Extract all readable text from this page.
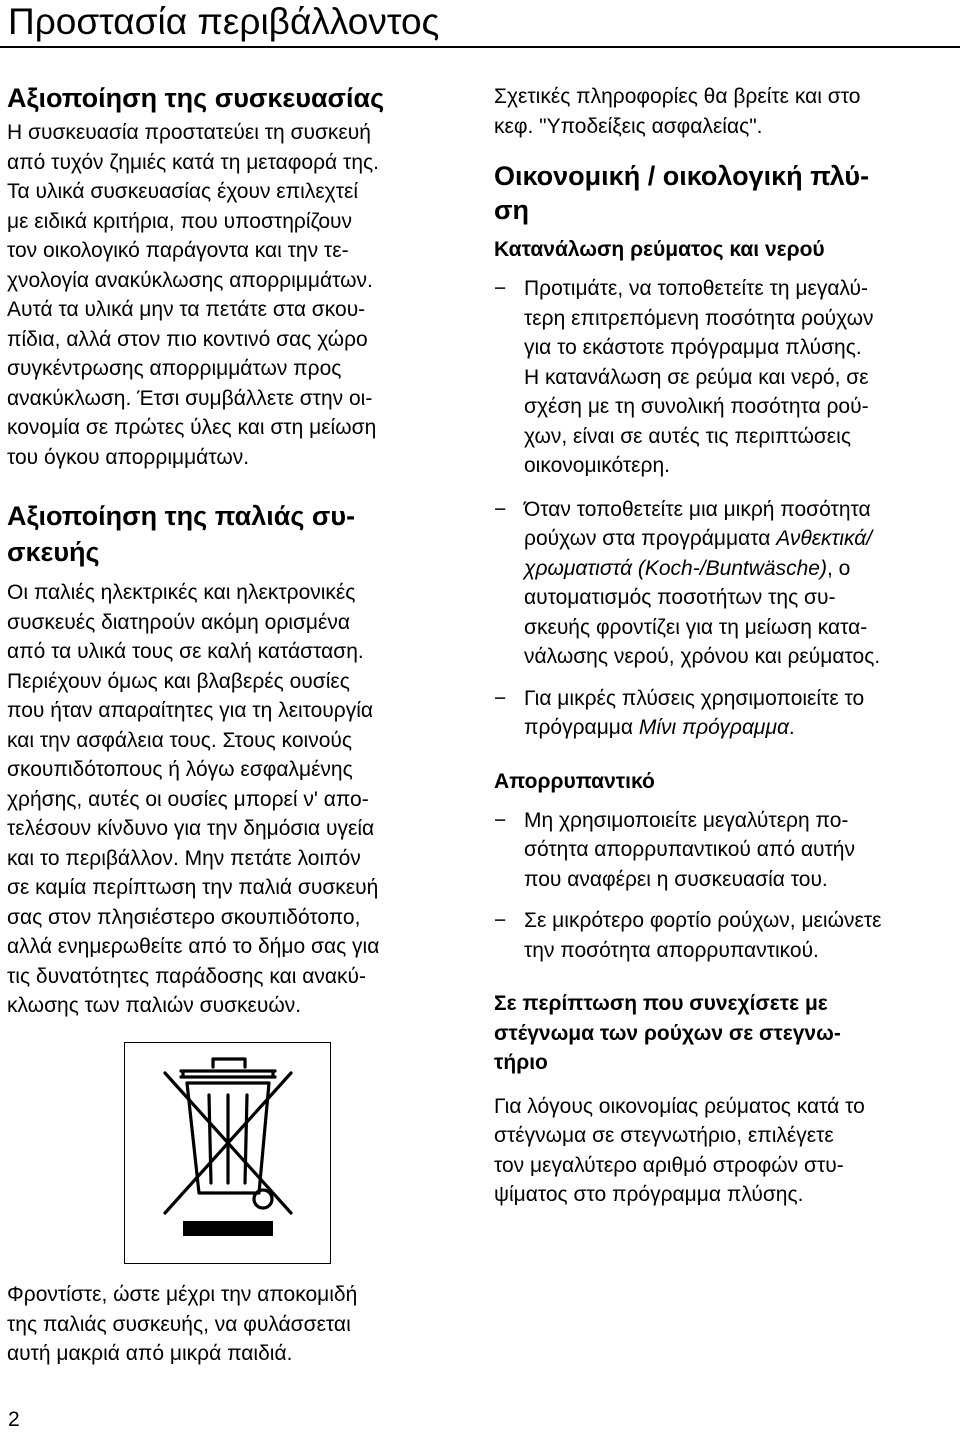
Προστασία περιβάλλοντος
Αξιοποίηση της συσκευασίας
Η συσκευασία προστατεύει τη συσκευή
από τυχόν ζημιές κατά τη μεταφορά της.
Τα υλικά συσκευασίας έχουν επιλεχτεί
με ειδικά κριτήρια, που υποστηρίζουν
τον οικολογικό παράγοντα και την τε-
χνολογία ανακύκλωσης απορριμμάτων.
Αυτά τα υλικά μην τα πετάτε στα σκου-
πίδια, αλλά στον πιο κοντινό σας χώρο
συγκέντρωσης απορριμμάτων προς
ανακύκλωση. Έτσι συμβάλλετε στην οι-
κονομία σε πρώτες ύλες και στη μείωση
του όγκου απορριμμάτων.
Αξιοποίηση της παλιάς συ-
σκευής
Οι παλιές ηλεκτρικές και ηλεκτρονικές
συσκευές διατηρούν ακόμη ορισμένα
από τα υλικά τους σε καλή κατάσταση.
Περιέχουν όμως και βλαβερές ουσίες
που ήταν απαραίτητες για τη λειτουργία
και την ασφάλεια τους. Στους κοινούς
σκουπιδότοπους ή λόγω εσφαλμένης
χρήσης, αυτές οι ουσίες μπορεί ν' απο-
τελέσουν κίνδυνο για την δημόσια υγεία
και το περιβάλλον. Μην πετάτε λοιπόν
σε καμία περίπτωση την παλιά συσκευή
σας στον πλησιέστερο σκουπιδότοπο,
αλλά ενημερωθείτε από το δήμο σας για
τις δυνατότητες παράδοσης και ανακύ-
κλωσης των παλιών συσκευών.
Φροντίστε, ώστε μέχρι την αποκομιδή
της παλιάς συσκευής, να φυλάσσεται
αυτή μακριά από μικρά παιδιά.
Σχετικές πληροφορίες θα βρείτε και στο
κεφ. "Υποδείξεις ασφαλείας".
Οικονομική / οικολογική πλύ-
ση
Κατανάλωση ρεύματος και νερού
− Προτιμάτε, να τοποθετείτε τη μεγαλύ-
τερη επιτρεπόμενη ποσότητα ρούχων
για το εκάστοτε πρόγραμμα πλύσης.
Η κατανάλωση σε ρεύμα και νερό, σε
σχέση με τη συνολική ποσότητα ρού-
χων, είναι σε αυτές τις περιπτώσεις
οικονομικότερη.
− Όταν τοποθετείτε μια μικρή ποσότητα
ρούχων στα προγράμματα Ανθεκτικά/
χρωματιστά (Koch-/Buntwäsche), ο
αυτοματισμός ποσοτήτων της συ-
σκευής φροντίζει για τη μείωση κατα-
νάλωσης νερού, χρόνου και ρεύματος.
− Για μικρές πλύσεις χρησιμοποιείτε το
πρόγραμμα Μίνι πρόγραμμα.
Απορρυπαντικό
− Μη χρησιμοποιείτε μεγαλύτερη πο-
σότητα απορρυπαντικού από αυτήν
που αναφέρει η συσκευασία του.
− Σε μικρότερο φορτίο ρούχων, μειώνετε
την ποσότητα απορρυπαντικού.
Σε περίπτωση που συνεχίσετε με
στέγνωμα των ρούχων σε στεγνω-
τήριο
Για λόγους οικονομίας ρεύματος κατά το
στέγνωμα σε στεγνωτήριο, επιλέγετε
τον μεγαλύτερο αριθμό στροφών στυ-
ψίματος στο πρόγραμμα πλύσης.
2
